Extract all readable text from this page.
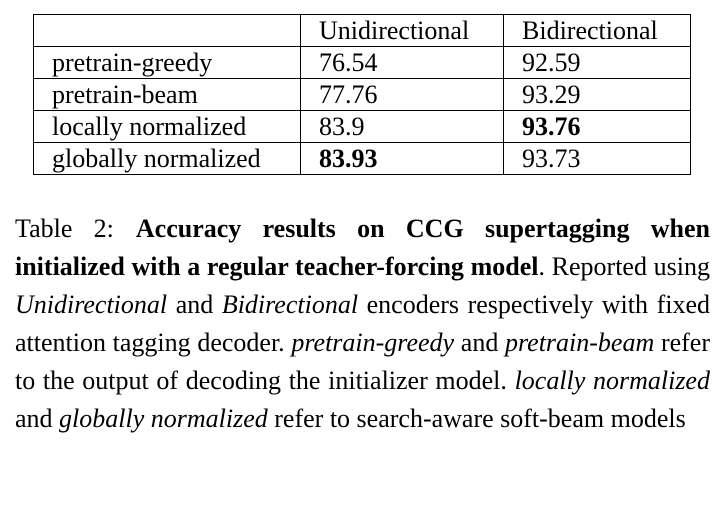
	Unidirectional	Bidirectional
pretrain-greedy	76.54	92.59
pretrain-beam	77.76	93.29
locally normalized	83.9	93.76
globally normalized	83.93	93.73

Table 2: Accuracy results on CCG supertagging when initialized with a regular teacher-forcing model. Reported using Unidirectional and Bidirectional encoders respectively with fixed attention tagging decoder. pretrain-greedy and pretrain-beam refer to the output of decoding the initializer model. locally normalized and globally normalized refer to search-aware soft-beam models
